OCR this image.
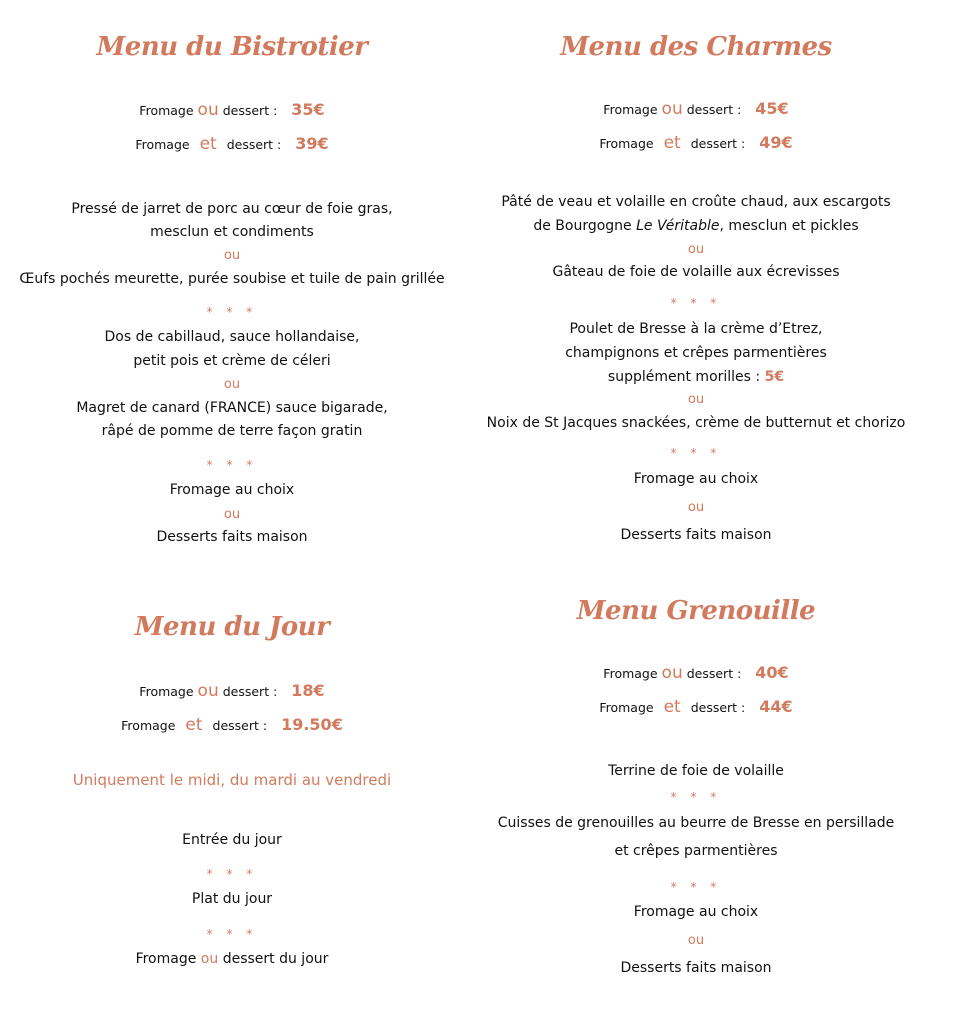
Menu du Bistrotier
Fromage ou dessert : 35€
Fromage et dessert : 39€
Pressé de jarret de porc au cœur de foie gras,
mesclun et condiments
ou
Œufs pochés meurette, purée soubise et tuile de pain grillée
* * *
Dos de cabillaud, sauce hollandaise,
petit pois et crème de céleri
ou
Magret de canard (FRANCE) sauce bigarade,
râpé de pomme de terre façon gratin
* * *
Fromage au choix
ou
Desserts faits maison
Menu des Charmes
Fromage ou dessert : 45€
Fromage et dessert : 49€
Pâté de veau et volaille en croûte chaud, aux escargots
de Bourgogne Le Véritable, mesclun et pickles
ou
Gâteau de foie de volaille aux écrevisses
* * *
Poulet de Bresse à la crème d’Etrez,
champignons et crêpes parmentières
supplément morilles : 5€
ou
Noix de St Jacques snackées, crème de butternut et chorizo
* * *
Fromage au choix
ou
Desserts faits maison
Menu du Jour
Fromage ou dessert : 18€
Fromage et dessert : 19.50€
Uniquement le midi, du mardi au vendredi
Entrée du jour
* * *
Plat du jour
* * *
Fromage ou dessert du jour
Menu Grenouille
Fromage ou dessert : 40€
Fromage et dessert : 44€
Terrine de foie de volaille
* * *
Cuisses de grenouilles au beurre de Bresse en persillade
et crêpes parmentières
* * *
Fromage au choix
ou
Desserts faits maison
